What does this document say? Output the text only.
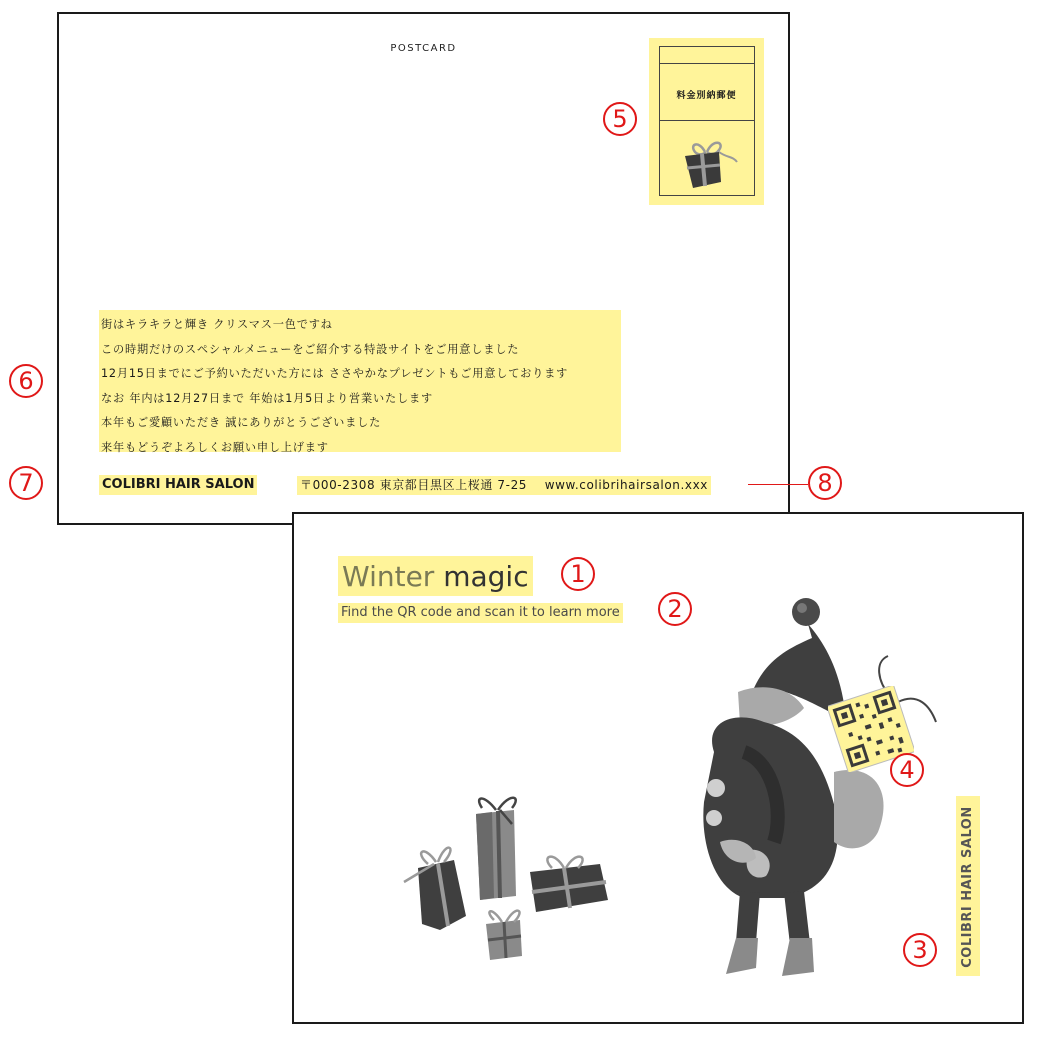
POSTCARD
料金別納郵便
街はキラキラと輝き クリスマス一色ですね
この時期だけのスペシャルメニューをご紹介する特設サイトをご用意しました
12月15日までにご予約いただいた方には ささやかなプレゼントもご用意しております
なお 年内は12月27日まで 年始は1月5日より営業いたします
本年もご愛顧いただき 誠にありがとうございました
来年もどうぞよろしくお願い申し上げます
COLIBRI HAIR SALON	〒000-2308 東京都目黒区上桜通 7-25 www.colibrihairsalon.xxx
Winter magic
Find the QR code and scan it to learn more
COLIBRI HAIR SALON
1
2
3
4
5
6
7	8
